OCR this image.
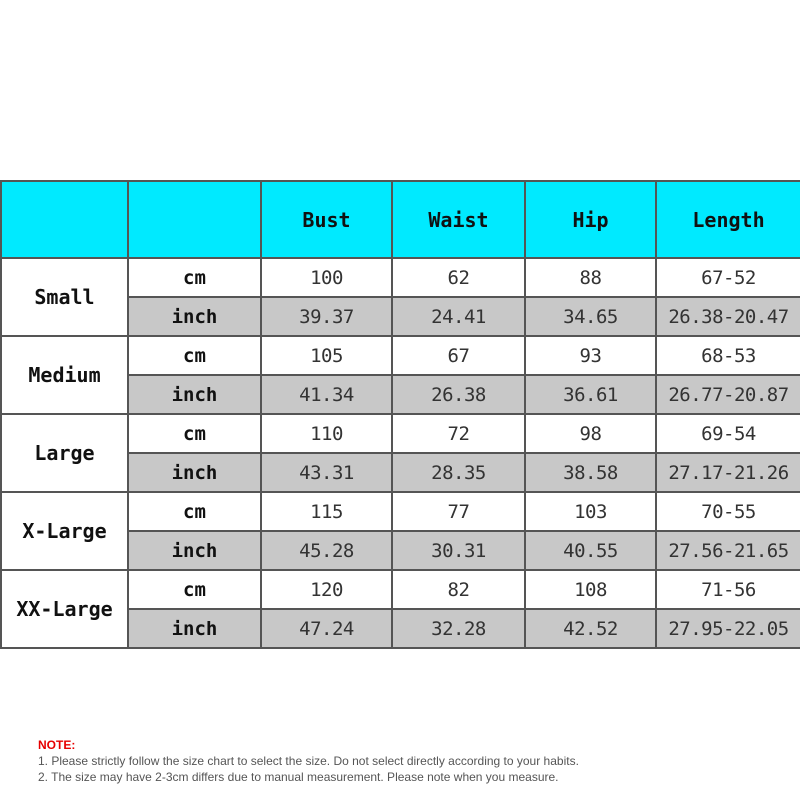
		Bust	Waist	Hip	Length
Small	cm	100	62	88	67-52
	inch	39.37	24.41	34.65	26.38-20.47
Medium	cm	105	67	93	68-53
	inch	41.34	26.38	36.61	26.77-20.87
Large	cm	110	72	98	69-54
	inch	43.31	28.35	38.58	27.17-21.26
X-Large	cm	115	77	103	70-55
	inch	45.28	30.31	40.55	27.56-21.65
XX-Large	cm	120	82	108	71-56
	inch	47.24	32.28	42.52	27.95-22.05
NOTE:
1. Please strictly follow the size chart to select the size. Do not select directly according to your habits.
2. The size may have 2-3cm differs due to manual measurement. Please note when you measure.
